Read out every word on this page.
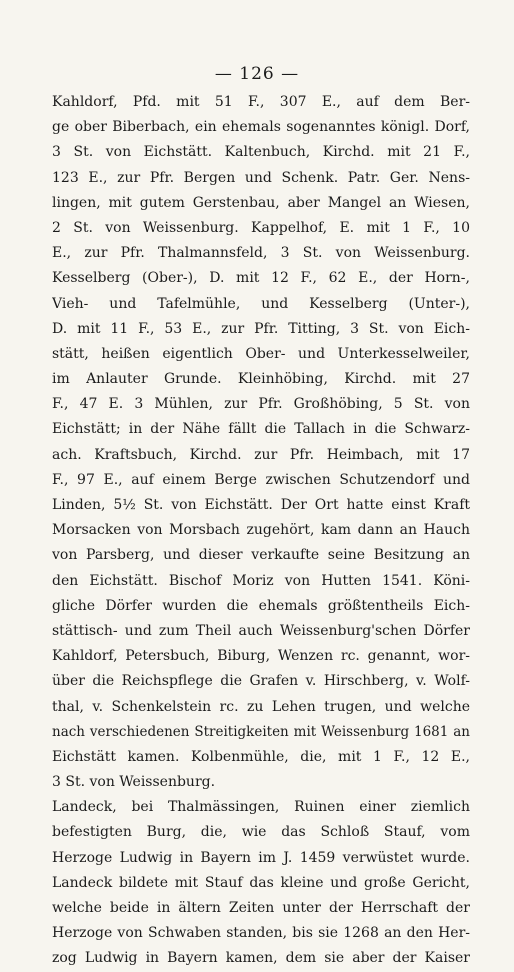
— 126 —
Kahldorf, Pfd. mit 51 F., 307 E., auf dem Ber-
ge ober Biberbach, ein ehemals sogenanntes königl. Dorf,
3 St. von Eichstätt. Kaltenbuch, Kirchd. mit 21 F.,
123 E., zur Pfr. Bergen und Schenk. Patr. Ger. Nens-
lingen, mit gutem Gerstenbau, aber Mangel an Wiesen,
2 St. von Weissenburg. Kappelhof, E. mit 1 F., 10
E., zur Pfr. Thalmannsfeld, 3 St. von Weissenburg.
Kesselberg (Ober-), D. mit 12 F., 62 E., der Horn-,
Vieh- und Tafelmühle, und Kesselberg (Unter-),
D. mit 11 F., 53 E., zur Pfr. Titting, 3 St. von Eich-
stätt, heißen eigentlich Ober- und Unterkesselweiler,
im Anlauter Grunde. Kleinhöbing, Kirchd. mit 27
F., 47 E. 3 Mühlen, zur Pfr. Großhöbing, 5 St. von
Eichstätt; in der Nähe fällt die Tallach in die Schwarz-
ach. Kraftsbuch, Kirchd. zur Pfr. Heimbach, mit 17
F., 97 E., auf einem Berge zwischen Schutzendorf und
Linden, 5½ St. von Eichstätt. Der Ort hatte einst Kraft
Morsacken von Morsbach zugehört, kam dann an Hauch
von Parsberg, und dieser verkaufte seine Besitzung an
den Eichstätt. Bischof Moriz von Hutten 1541. Köni-
gliche Dörfer wurden die ehemals größtentheils Eich-
stättisch- und zum Theil auch Weissenburg'schen Dörfer
Kahldorf, Petersbuch, Biburg, Wenzen rc. genannt, wor-
über die Reichspflege die Grafen v. Hirschberg, v. Wolf-
thal, v. Schenkelstein rc. zu Lehen trugen, und welche
nach verschiedenen Streitigkeiten mit Weissenburg 1681 an
Eichstätt kamen. Kolbenmühle, die, mit 1 F., 12 E.,
3 St. von Weissenburg.
Landeck, bei Thalmässingen, Ruinen einer ziemlich
befestigten Burg, die, wie das Schloß Stauf, vom
Herzoge Ludwig in Bayern im J. 1459 verwüstet wurde.
Landeck bildete mit Stauf das kleine und große Gericht,
welche beide in ältern Zeiten unter der Herrschaft der
Herzoge von Schwaben standen, bis sie 1268 an den Her-
zog Ludwig in Bayern kamen, dem sie aber der Kaiser
